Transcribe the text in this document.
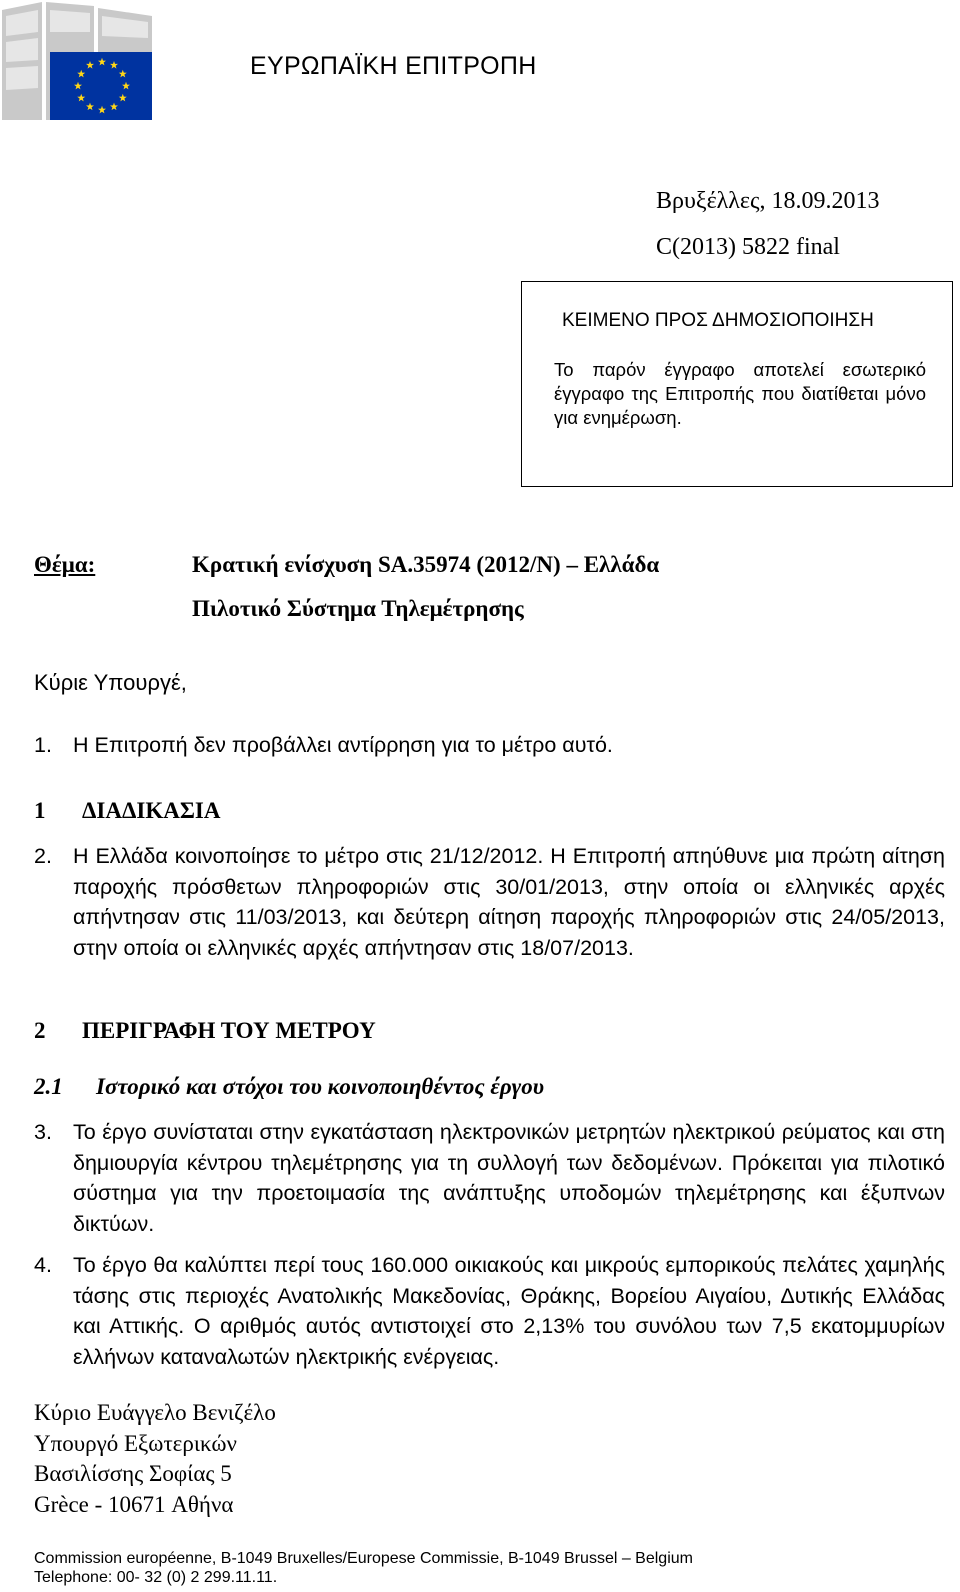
ΕΥΡΩΠΑΪΚΗ ΕΠΙΤΡΟΠΗ
Βρυξέλλες, 18.09.2013
C(2013) 5822 final
ΚΕΙΜΕΝΟ ΠΡΟΣ ΔΗΜΟΣΙΟΠΟΙΗΣΗ
Το παρόν έγγραφο αποτελεί εσωτερικό έγγραφο της Επιτροπής που διατίθεται μόνο για ενημέρωση.
Θέμα:	Κρατική ενίσχυση SA.35974 (2012/N) – Ελλάδα
Πιλοτικό Σύστημα Τηλεμέτρησης
Κύριε Υπουργέ,
1. Η Επιτροπή δεν προβάλλει αντίρρηση για το μέτρο αυτό.
1 ΔΙΑΔΙΚΑΣΙΑ
2. Η Ελλάδα κοινοποίησε το μέτρο στις 21/12/2012. Η Επιτροπή απηύθυνε μια πρώτη αίτηση παροχής πρόσθετων πληροφοριών στις 30/01/2013, στην οποία οι ελληνικές αρχές απήντησαν στις 11/03/2013, και δεύτερη αίτηση παροχής πληροφοριών στις 24/05/2013, στην οποία οι ελληνικές αρχές απήντησαν στις 18/07/2013.
2 ΠΕΡΙΓΡΑΦΗ ΤΟΥ ΜΕΤΡΟΥ
2.1 Ιστορικό και στόχοι του κοινοποιηθέντος έργου
3. Το έργο συνίσταται στην εγκατάσταση ηλεκτρονικών μετρητών ηλεκτρικού ρεύματος και στη δημιουργία κέντρου τηλεμέτρησης για τη συλλογή των δεδομένων. Πρόκειται για πιλοτικό σύστημα για την προετοιμασία της ανάπτυξης υποδομών τηλεμέτρησης και έξυπνων δικτύων.
4. Το έργο θα καλύπτει περί τους 160.000 οικιακούς και μικρούς εμπορικούς πελάτες χαμηλής τάσης στις περιοχές Ανατολικής Μακεδονίας, Θράκης, Βορείου Αιγαίου, Δυτικής Ελλάδας και Αττικής. Ο αριθμός αυτός αντιστοιχεί στο 2,13% του συνόλου των 7,5 εκατομμυρίων ελλήνων καταναλωτών ηλεκτρικής ενέργειας.
Κύριο Ευάγγελο Βενιζέλο
Υπουργό Εξωτερικών
Βασιλίσσης Σοφίας 5
Grèce - 10671 Αθήνα
Commission européenne, B-1049 Bruxelles/Europese Commissie, B-1049 Brussel – Belgium
Telephone: 00- 32 (0) 2 299.11.11.
